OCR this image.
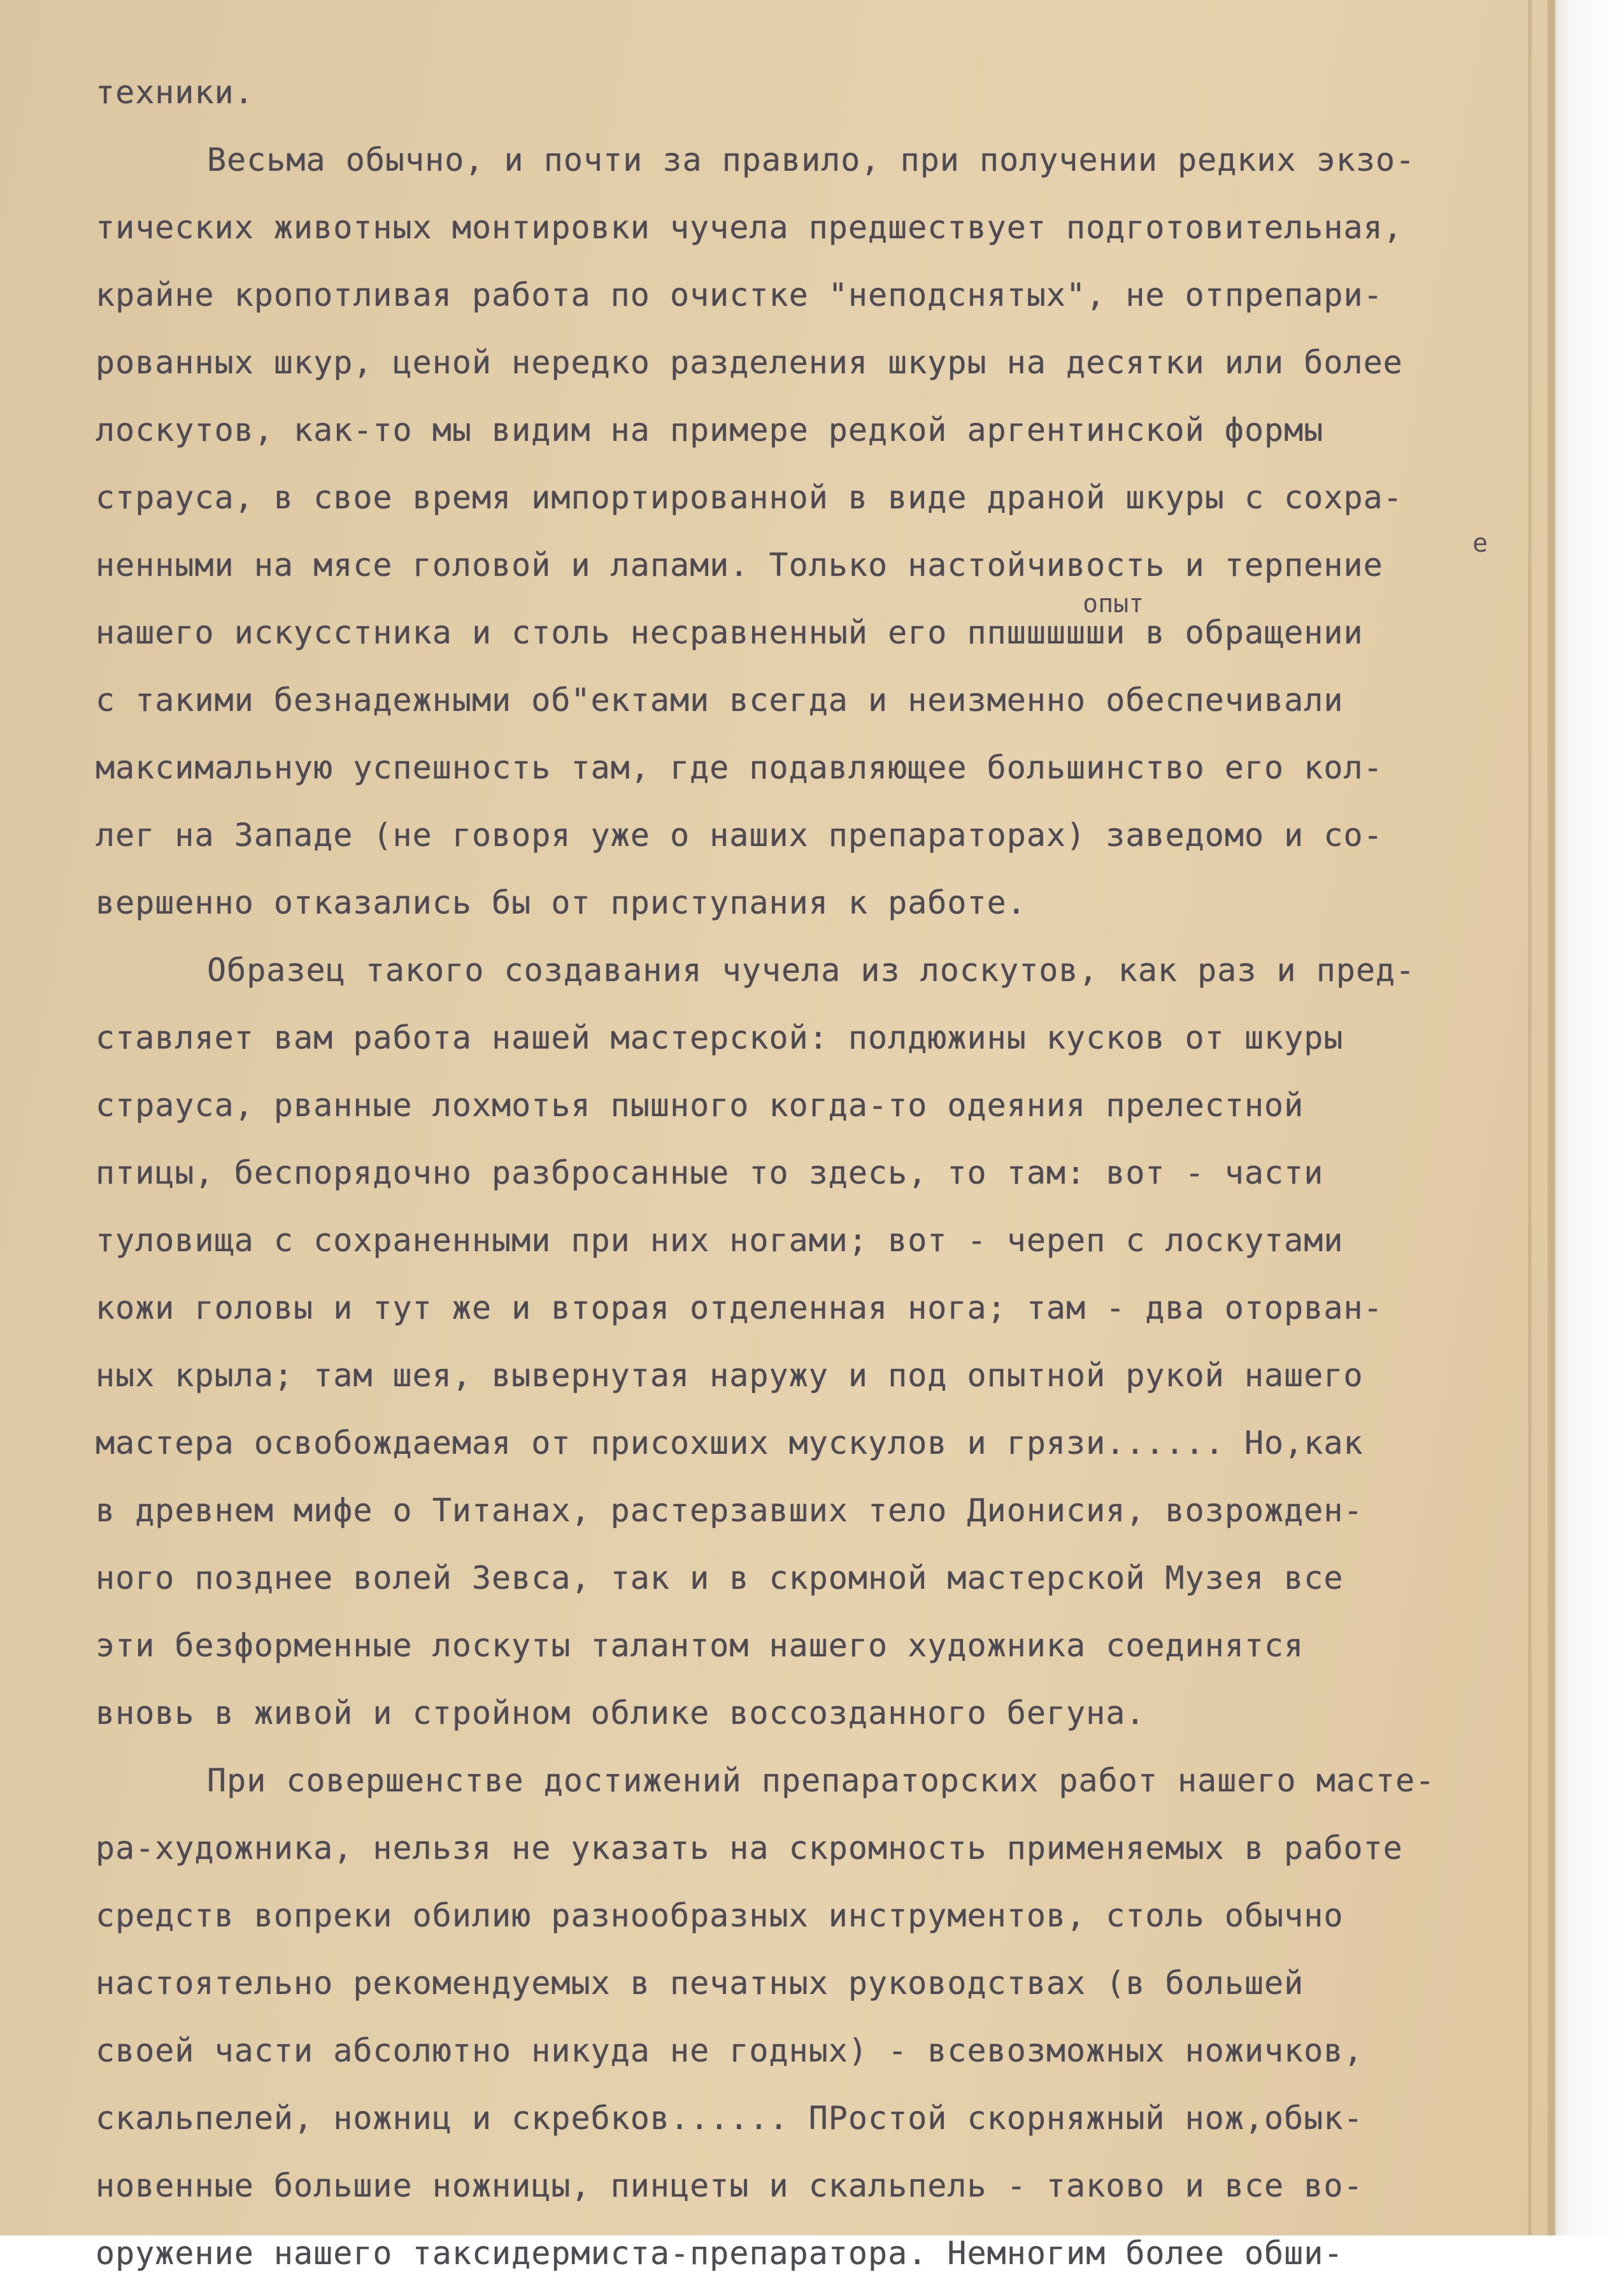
техники.
Весьма обычно, и почти за правило, при получении редких экзо-
тических животных монтировки чучела предшествует подготовительная,
крайне кропотливая работа по очистке "неподснятых", не отпрепари-
рованных шкур, ценой нередко разделения шкуры на десятки или более
лоскутов, как-то мы видим на примере редкой аргентинской формы
страуса, в свое время импортированной в виде драной шкуры с сохра-
ненными на мясе головой и лапами. Только настойчивость и терпение
нашего искусстника и столь несравненный его ппшшшшши в обращении
с такими безнадежными об"ектами всегда и неизменно обеспечивали
максимальную успешность там, где подавляющее большинство его кол-
лег на Западе (не говоря уже о наших препараторах) заведомо и со-
вершенно отказались бы от приступания к работе.
Образец такого создавания чучела из лоскутов, как раз и пред-
ставляет вам работа нашей мастерской: полдюжины кусков от шкуры
страуса, рванные лохмотья пышного когда-то одеяния прелестной
птицы, беспорядочно разбросанные то здесь, то там: вот - части
туловища с сохраненными при них ногами; вот - череп с лоскутами
кожи головы и тут же и вторая отделенная нога; там - два оторван-
ных крыла; там шея, вывернутая наружу и под опытной рукой нашего
мастера освобождаемая от присохших мускулов и грязи...... Но,как
в древнем мифе о Титанах, растерзавших тело Дионисия, возрожден-
ного позднее волей Зевса, так и в скромной мастерской Музея все
эти безформенные лоскуты талантом нашего художника соединятся
вновь в живой и стройном облике воссозданного бегуна.
При совершенстве достижений препараторских работ нашего масте-
ра-художника, нельзя не указать на скромность применяемых в работе
средств вопреки обилию разнообразных инструментов, столь обычно
настоятельно рекомендуемых в печатных руководствах (в большей
своей части абсолютно никуда не годных) - всевозможных ножичков,
скальпелей, ножниц и скребков...... ПРостой скорняжный нож,обык-
новенные большие ножницы, пинцеты и скальпель - таково и все во-
оружение нашего таксидермиста-препаратора. Немногим более обши-
е
опыт
